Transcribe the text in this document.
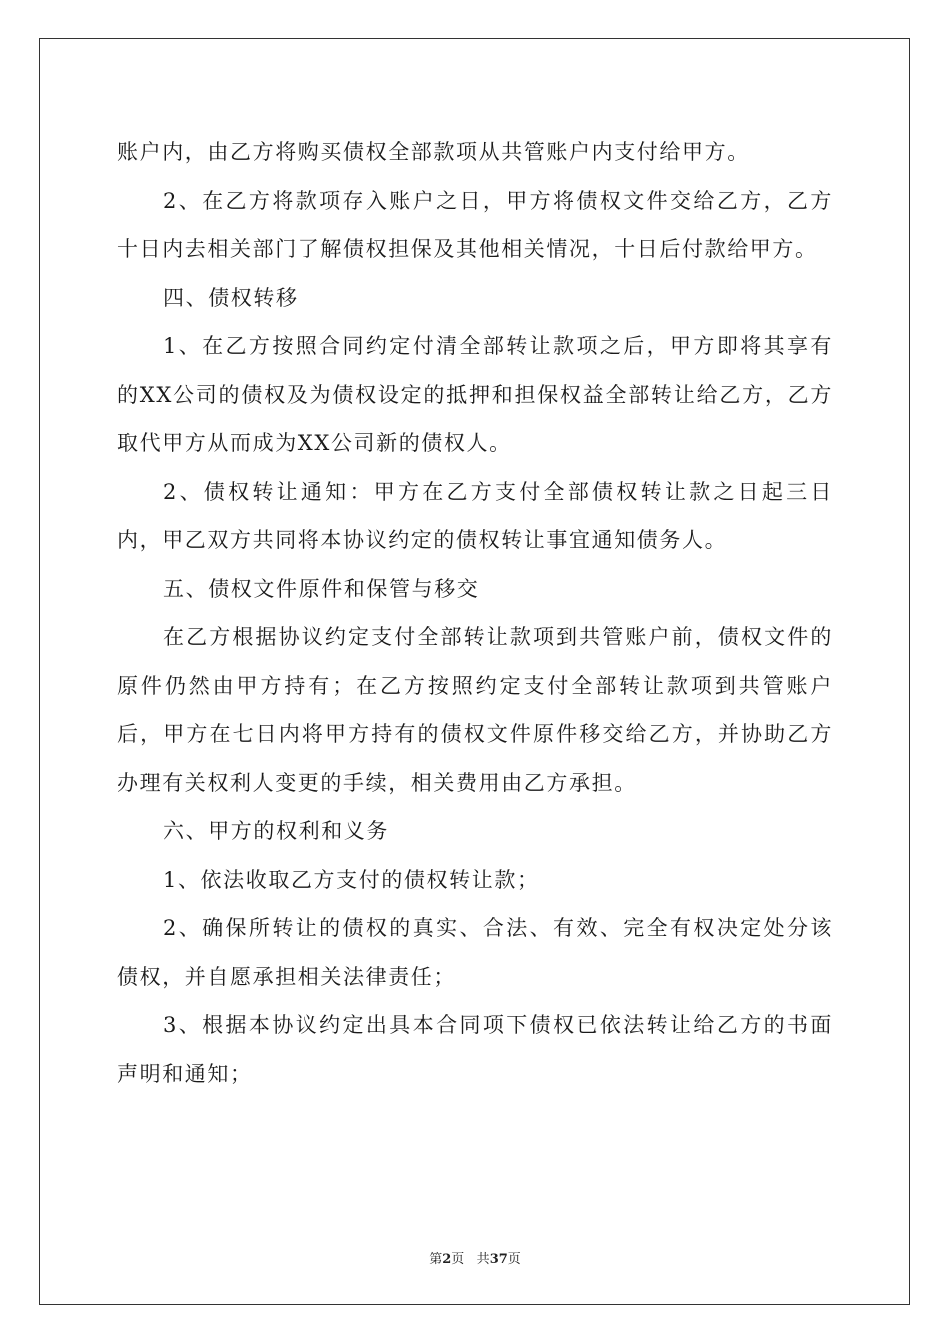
账户内，由乙方将购买债权全部款项从共管账户内支付给甲方。

2、在乙方将款项存入账户之日，甲方将债权文件交给乙方，乙方十日内去相关部门了解债权担保及其他相关情况，十日后付款给甲方。

四、债权转移

1、在乙方按照合同约定付清全部转让款项之后，甲方即将其享有的XX公司的债权及为债权设定的抵押和担保权益全部转让给乙方，乙方取代甲方从而成为XX公司新的债权人。

2、债权转让通知：甲方在乙方支付全部债权转让款之日起三日内，甲乙双方共同将本协议约定的债权转让事宜通知债务人。

五、债权文件原件和保管与移交

在乙方根据协议约定支付全部转让款项到共管账户前，债权文件的原件仍然由甲方持有；在乙方按照约定支付全部转让款项到共管账户后，甲方在七日内将甲方持有的债权文件原件移交给乙方，并协助乙方办理有关权利人变更的手续，相关费用由乙方承担。

六、甲方的权利和义务

1、依法收取乙方支付的债权转让款；

2、确保所转让的债权的真实、合法、有效、完全有权决定处分该债权，并自愿承担相关法律责任；

3、根据本协议约定出具本合同项下债权已依法转让给乙方的书面声明和通知；

第2页 共37页
